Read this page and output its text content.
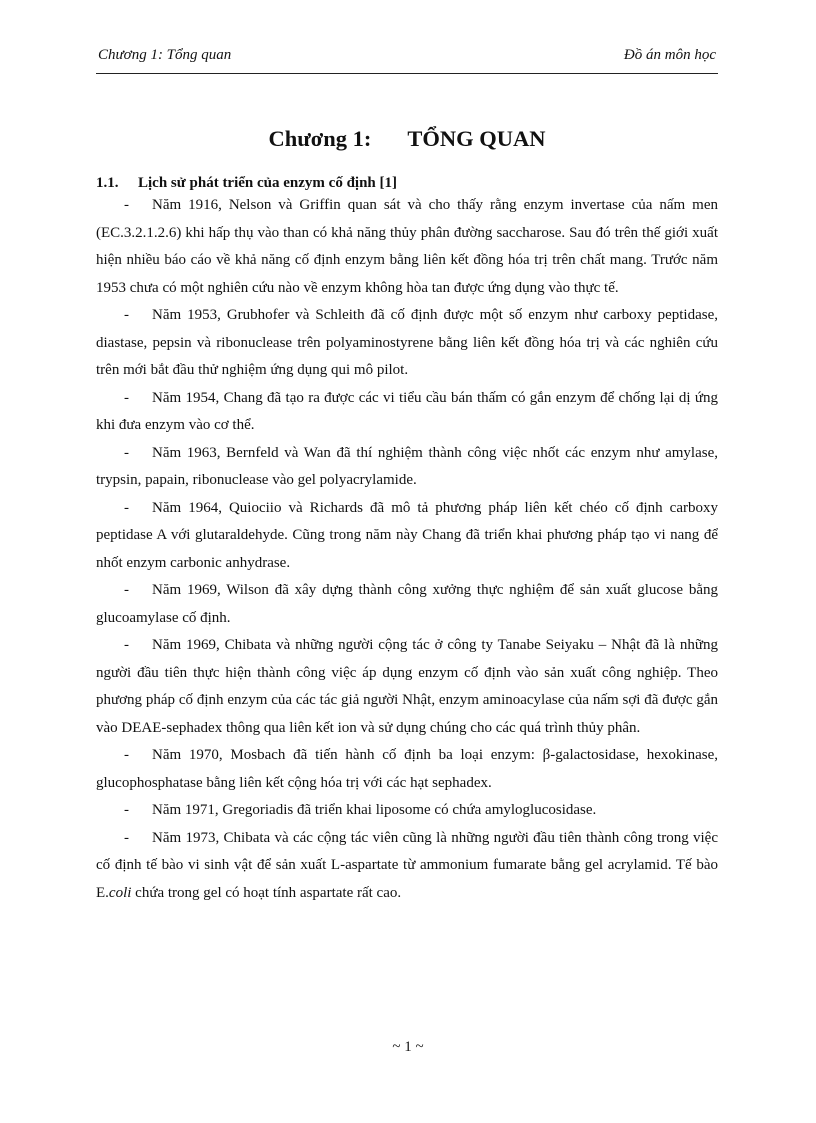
Chương 1: Tổng quan	Đồ án môn học
Chương 1: TỔNG QUAN
1.1. Lịch sử phát triển của enzym cố định [1]

- Năm 1916, Nelson và Griffin quan sát và cho thấy rằng enzym invertase của nấm men (EC.3.2.1.2.6) khi hấp thụ vào than có khả năng thủy phân đường saccharose. Sau đó trên thế giới xuất hiện nhiều báo cáo về khả năng cố định enzym bằng liên kết đồng hóa trị trên chất mang. Trước năm 1953 chưa có một nghiên cứu nào về enzym không hòa tan được ứng dụng vào thực tế.

- Năm 1953, Grubhofer và Schleith đã cố định được một số enzym như carboxy peptidase, diastase, pepsin và ribonuclease trên polyaminostyrene bằng liên kết đồng hóa trị và các nghiên cứu trên mới bắt đầu thử nghiệm ứng dụng qui mô pilot.

- Năm 1954, Chang đã tạo ra được các vi tiểu cầu bán thấm có gắn enzym để chống lại dị ứng khi đưa enzym vào cơ thể.

- Năm 1963, Bernfeld và Wan đã thí nghiệm thành công việc nhốt các enzym như amylase, trypsin, papain, ribonuclease vào gel polyacrylamide.

- Năm 1964, Quiociio và Richards đã mô tả phương pháp liên kết chéo cố định carboxy peptidase A với glutaraldehyde. Cũng trong năm này Chang đã triển khai phương pháp tạo vi nang để nhốt enzym carbonic anhydrase.

- Năm 1969, Wilson đã xây dựng thành công xưởng thực nghiệm để sản xuất glucose bằng glucoamylase cố định.

- Năm 1969, Chibata và những người cộng tác ở công ty Tanabe Seiyaku – Nhật đã là những người đầu tiên thực hiện thành công việc áp dụng enzym cố định vào sản xuất công nghiệp. Theo phương pháp cố định enzym của các tác giả người Nhật, enzym aminoacylase của nấm sợi đã được gắn vào DEAE-sephadex thông qua liên kết ion và sử dụng chúng cho các quá trình thủy phân.

- Năm 1970, Mosbach đã tiến hành cố định ba loại enzym: β-galactosidase, hexokinase, glucophosphatase bằng liên kết cộng hóa trị với các hạt sephadex.

- Năm 1971, Gregoriadis đã triển khai liposome có chứa amyloglucosidase.

- Năm 1973, Chibata và các cộng tác viên cũng là những người đầu tiên thành công trong việc cố định tế bào vi sinh vật để sản xuất L-aspartate từ ammonium fumarate bằng gel acrylamid. Tế bào E.coli chứa trong gel có hoạt tính aspartate rất cao.

~ 1 ~
